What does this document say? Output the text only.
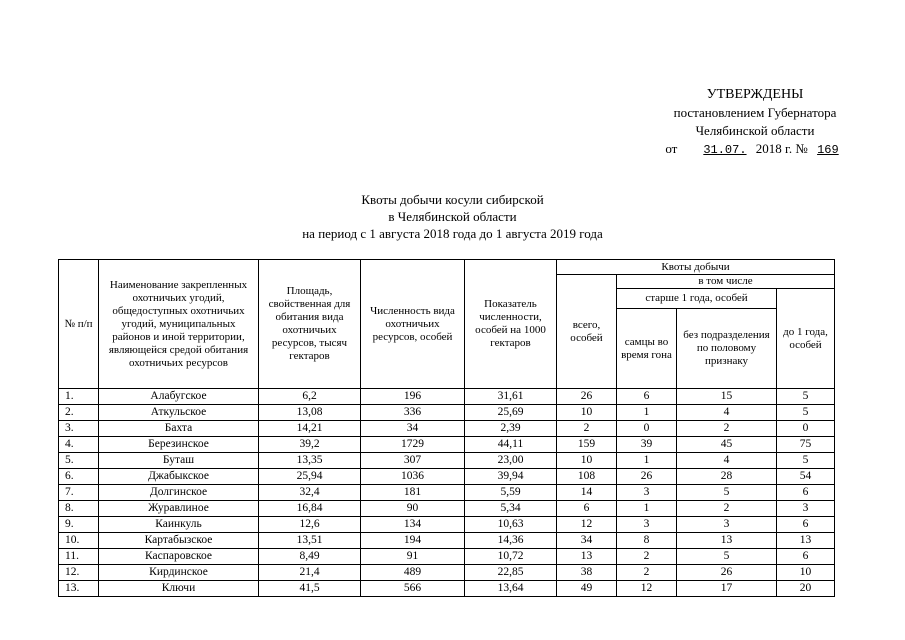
УТВЕРЖДЕНЫ
постановлением Губернатора
Челябинской области
от 31.07. 2018 г. № 169
Квоты добычи косули сибирской
в Челябинской области
на период с 1 августа 2018 года до 1 августа 2019 года
№ п/п	Наименование закрепленных охотничьих угодий, общедоступных охотничьих угодий, муниципальных районов и иной территории, являющейся средой обитания охотничьих ресурсов	Площадь, свойственная для обитания вида охотничьих ресурсов, тысяч гектаров	Численность вида охотничьих ресурсов, особей	Показатель численности, особей на 1000 гектаров	Квоты добычи			
					всего, особей	в том числе		
						старше 1 года, особей		до 1 года, особей
						самцы во время гона	без подразделения по половому признаку	
1.	Алабугское	6,2	196	31,61	26	6	15	5
2.	Аткульское	13,08	336	25,69	10	1	4	5
3.	Бахта	14,21	34	2,39	2	0	2	0
4.	Березинское	39,2	1729	44,11	159	39	45	75
5.	Буташ	13,35	307	23,00	10	1	4	5
6.	Джабыкское	25,94	1036	39,94	108	26	28	54
7.	Долгинское	32,4	181	5,59	14	3	5	6
8.	Журавлиное	16,84	90	5,34	6	1	2	3
9.	Каинкуль	12,6	134	10,63	12	3	3	6
10.	Картабызское	13,51	194	14,36	34	8	13	13
11.	Каспаровское	8,49	91	10,72	13	2	5	6
12.	Кирдинское	21,4	489	22,85	38	2	26	10
13.	Ключи	41,5	566	13,64	49	12	17	20
